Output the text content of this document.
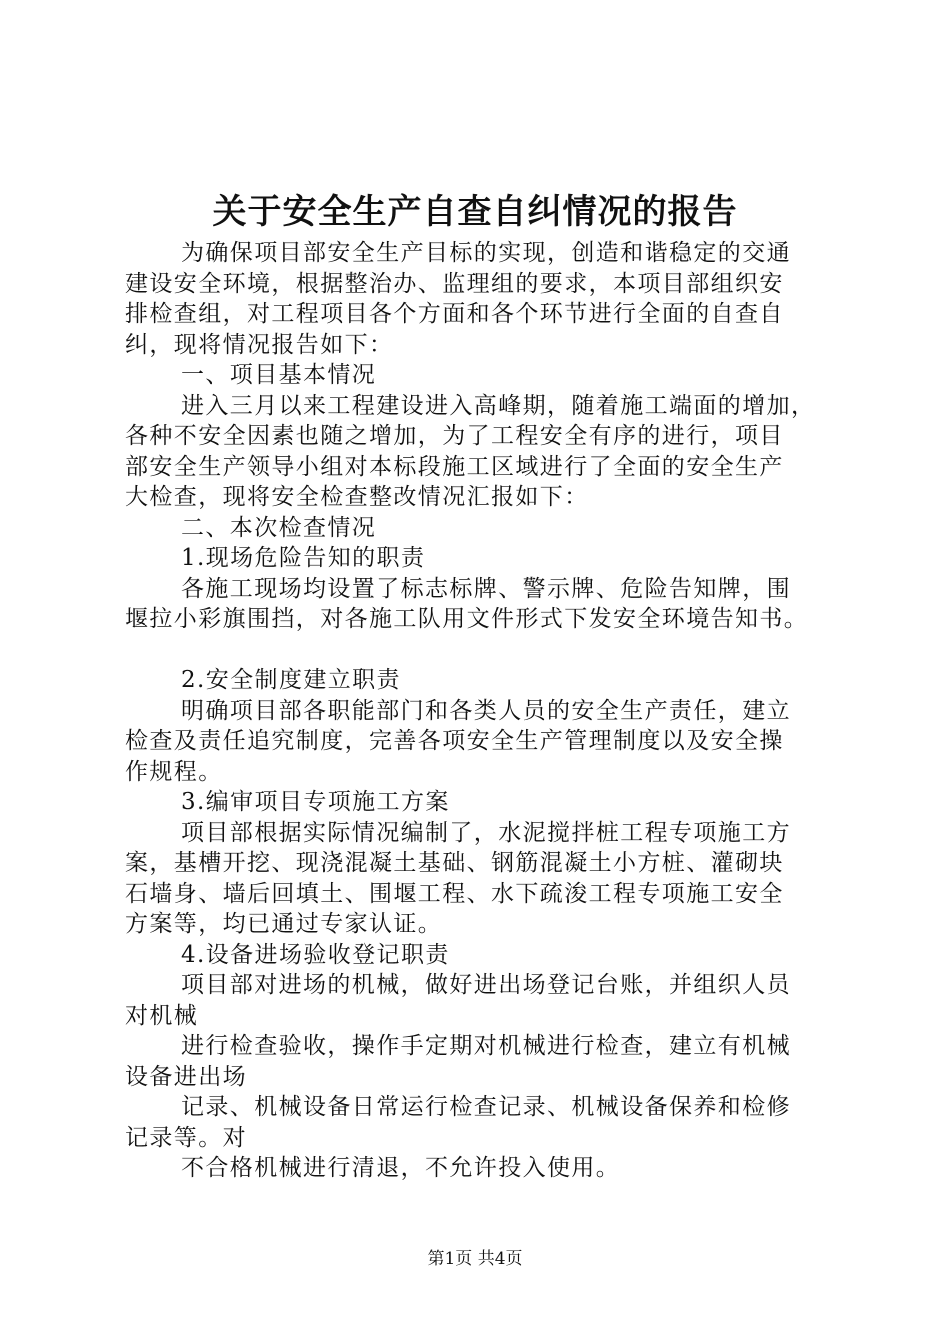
关于安全生产自查自纠情况的报告
为确保项目部安全生产目标的实现，创造和谐稳定的交通
建设安全环境，根据整治办、监理组的要求，本项目部组织安
排检查组，对工程项目各个方面和各个环节进行全面的自查自
纠，现将情况报告如下：
一、项目基本情况
进入三月以来工程建设进入高峰期，随着施工端面的增加，
各种不安全因素也随之增加，为了工程安全有序的进行，项目
部安全生产领导小组对本标段施工区域进行了全面的安全生产
大检查，现将安全检查整改情况汇报如下：
二、本次检查情况
1.现场危险告知的职责
各施工现场均设置了标志标牌、警示牌、危险告知牌，围
堰拉小彩旗围挡，对各施工队用文件形式下发安全环境告知书。
2.安全制度建立职责
明确项目部各职能部门和各类人员的安全生产责任，建立
检查及责任追究制度，完善各项安全生产管理制度以及安全操
作规程。
3.编审项目专项施工方案
项目部根据实际情况编制了，水泥搅拌桩工程专项施工方
案，基槽开挖、现浇混凝土基础、钢筋混凝土小方桩、灌砌块
石墙身、墙后回填土、围堰工程、水下疏浚工程专项施工安全
方案等，均已通过专家认证。
4.设备进场验收登记职责
项目部对进场的机械，做好进出场登记台账，并组织人员
对机械
进行检查验收，操作手定期对机械进行检查，建立有机械
设备进出场
记录、机械设备日常运行检查记录、机械设备保养和检修
记录等。对
不合格机械进行清退，不允许投入使用。
第1页 共4页
